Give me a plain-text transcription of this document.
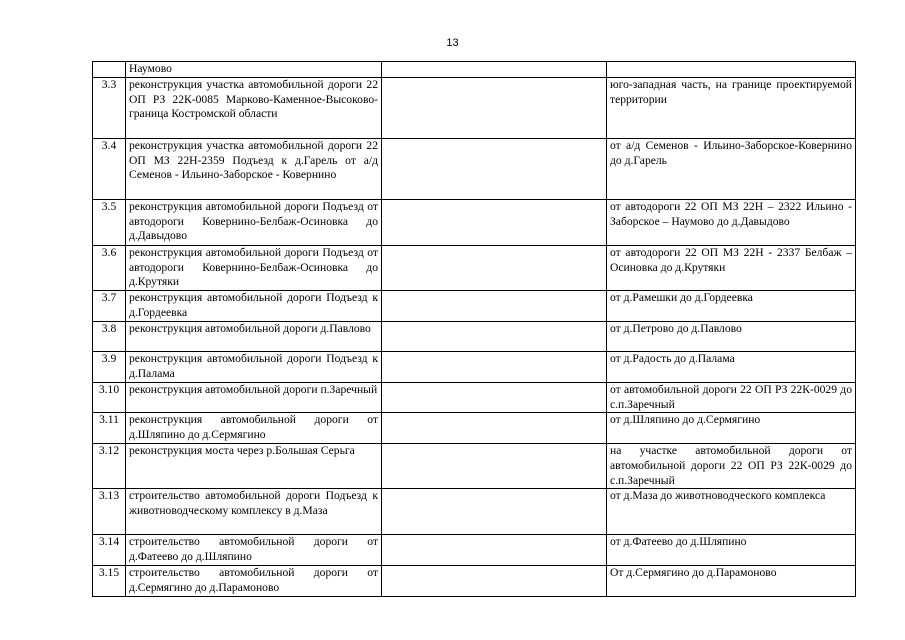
13
	Наумово		
3.3	реконструкция участка автомобильной дороги 22 ОП РЗ 22К-0085 Марково-Каменное-Высоково-граница Костромской области		юго-западная часть, на границе проектируемой территории
3.4	реконструкция участка автомобильной дороги 22 ОП МЗ 22Н-2359 Подъезд к д.Гарель от а/д Семенов - Ильино-Заборское - Ковернино		от а/д Семенов - Ильино-Заборское-Ковернино до д.Гарель
3.5	реконструкция автомобильной дороги Подъезд от автодороги Ковернино-Белбаж-Осиновка до д.Давыдово		от автодороги 22 ОП МЗ 22Н – 2322 Ильино - Заборское – Наумово до д.Давыдово
3.6	реконструкция автомобильной дороги Подъезд от автодороги Ковернино-Белбаж-Осиновка до д.Крутяки		от автодороги 22 ОП МЗ 22Н - 2337 Белбаж – Осиновка до д.Крутяки
3.7	реконструкция автомобильной дороги Подъезд к д.Гордеевка		от д.Рамешки до д.Гордеевка
3.8	реконструкция автомобильной дороги д.Павлово		от д.Петрово до д.Павлово
3.9	реконструкция автомобильной дороги Подъезд к д.Палама		от д.Радость до д.Палама
3.10	реконструкция автомобильной дороги п.Заречный		от автомобильной дороги 22 ОП РЗ 22К-0029 до с.п.Заречный
3.11	реконструкция автомобильной дороги от д.Шляпино до д.Сермягино		от д.Шляпино до д.Сермягино
3.12	реконструкция моста через р.Большая Серьга		на участке автомобильной дороги от автомобильной дороги 22 ОП РЗ 22К-0029 до с.п.Заречный
3.13	строительство автомобильной дороги Подъезд к животноводческому комплексу в д.Маза		от д.Маза до животноводческого комплекса
3.14	строительство автомобильной дороги от д.Фатеево до д.Шляпино		от д.Фатеево до д.Шляпино
3.15	строительство автомобильной дороги от д.Сермягино до д.Парамоново		От д.Сермягино до д.Парамоново
